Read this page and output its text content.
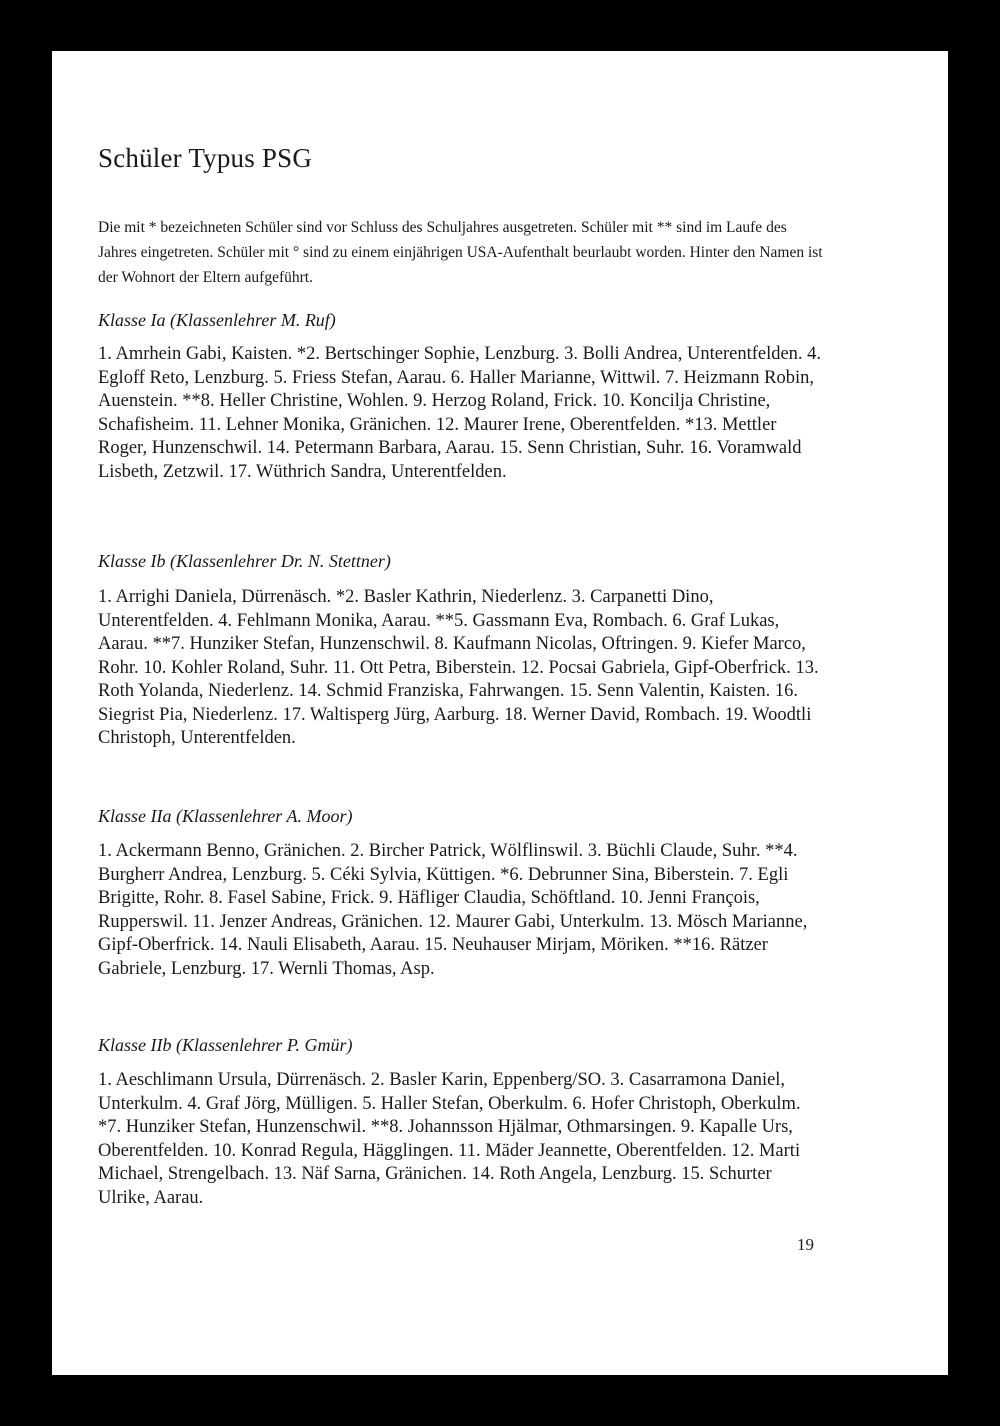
Schüler Typus PSG

Die mit * bezeichneten Schüler sind vor Schluss des Schuljahres ausgetreten. Schüler mit ** sind im Laufe des Jahres eingetreten. Schüler mit ° sind zu einem einjährigen USA-Aufenthalt beurlaubt worden. Hinter den Namen ist der Wohnort der Eltern aufgeführt.

Klasse Ia (Klassenlehrer M. Ruf)

1. Amrhein Gabi, Kaisten. *2. Bertschinger Sophie, Lenzburg. 3. Bolli Andrea, Unterentfelden. 4. Egloff Reto, Lenzburg. 5. Friess Stefan, Aarau. 6. Haller Marianne, Wittwil. 7. Heizmann Robin, Auenstein. **8. Heller Christine, Wohlen. 9. Herzog Roland, Frick. 10. Koncilja Christine, Schafisheim. 11. Lehner Monika, Gränichen. 12. Maurer Irene, Oberentfelden. *13. Mettler Roger, Hunzenschwil. 14. Petermann Barbara, Aarau. 15. Senn Christian, Suhr. 16. Voramwald Lisbeth, Zetzwil. 17. Wüthrich Sandra, Unterentfelden.

Klasse Ib (Klassenlehrer Dr. N. Stettner)

1. Arrighi Daniela, Dürrenäsch. *2. Basler Kathrin, Niederlenz. 3. Carpanetti Dino, Unterentfelden. 4. Fehlmann Monika, Aarau. **5. Gassmann Eva, Rombach. 6. Graf Lukas, Aarau. **7. Hunziker Stefan, Hunzenschwil. 8. Kaufmann Nicolas, Oftringen. 9. Kiefer Marco, Rohr. 10. Kohler Roland, Suhr. 11. Ott Petra, Biberstein. 12. Pocsai Gabriela, Gipf-Oberfrick. 13. Roth Yolanda, Niederlenz. 14. Schmid Franziska, Fahrwangen. 15. Senn Valentin, Kaisten. 16. Siegrist Pia, Niederlenz. 17. Waltisperg Jürg, Aarburg. 18. Werner David, Rombach. 19. Woodtli Christoph, Unterentfelden.

Klasse IIa (Klassenlehrer A. Moor)

1. Ackermann Benno, Gränichen. 2. Bircher Patrick, Wölflinswil. 3. Büchli Claude, Suhr. **4. Burgherr Andrea, Lenzburg. 5. Céki Sylvia, Küttigen. *6. Debrunner Sina, Biberstein. 7. Egli Brigitte, Rohr. 8. Fasel Sabine, Frick. 9. Häfliger Claudia, Schöftland. 10. Jenni François, Rupperswil. 11. Jenzer Andreas, Gränichen. 12. Maurer Gabi, Unterkulm. 13. Mösch Marianne, Gipf-Oberfrick. 14. Nauli Elisabeth, Aarau. 15. Neuhauser Mirjam, Möriken. **16. Rätzer Gabriele, Lenzburg. 17. Wernli Thomas, Asp.

Klasse IIb (Klassenlehrer P. Gmür)

1. Aeschlimann Ursula, Dürrenäsch. 2. Basler Karin, Eppenberg/SO. 3. Casarramona Daniel, Unterkulm. 4. Graf Jörg, Mülligen. 5. Haller Stefan, Oberkulm. 6. Hofer Christoph, Oberkulm. *7. Hunziker Stefan, Hunzenschwil. **8. Johannsson Hjälmar, Othmarsingen. 9. Kapalle Urs, Oberentfelden. 10. Konrad Regula, Hägglingen. 11. Mäder Jeannette, Oberentfelden. 12. Marti Michael, Strengelbach. 13. Näf Sarna, Gränichen. 14. Roth Angela, Lenzburg. 15. Schurter Ulrike, Aarau.

19
